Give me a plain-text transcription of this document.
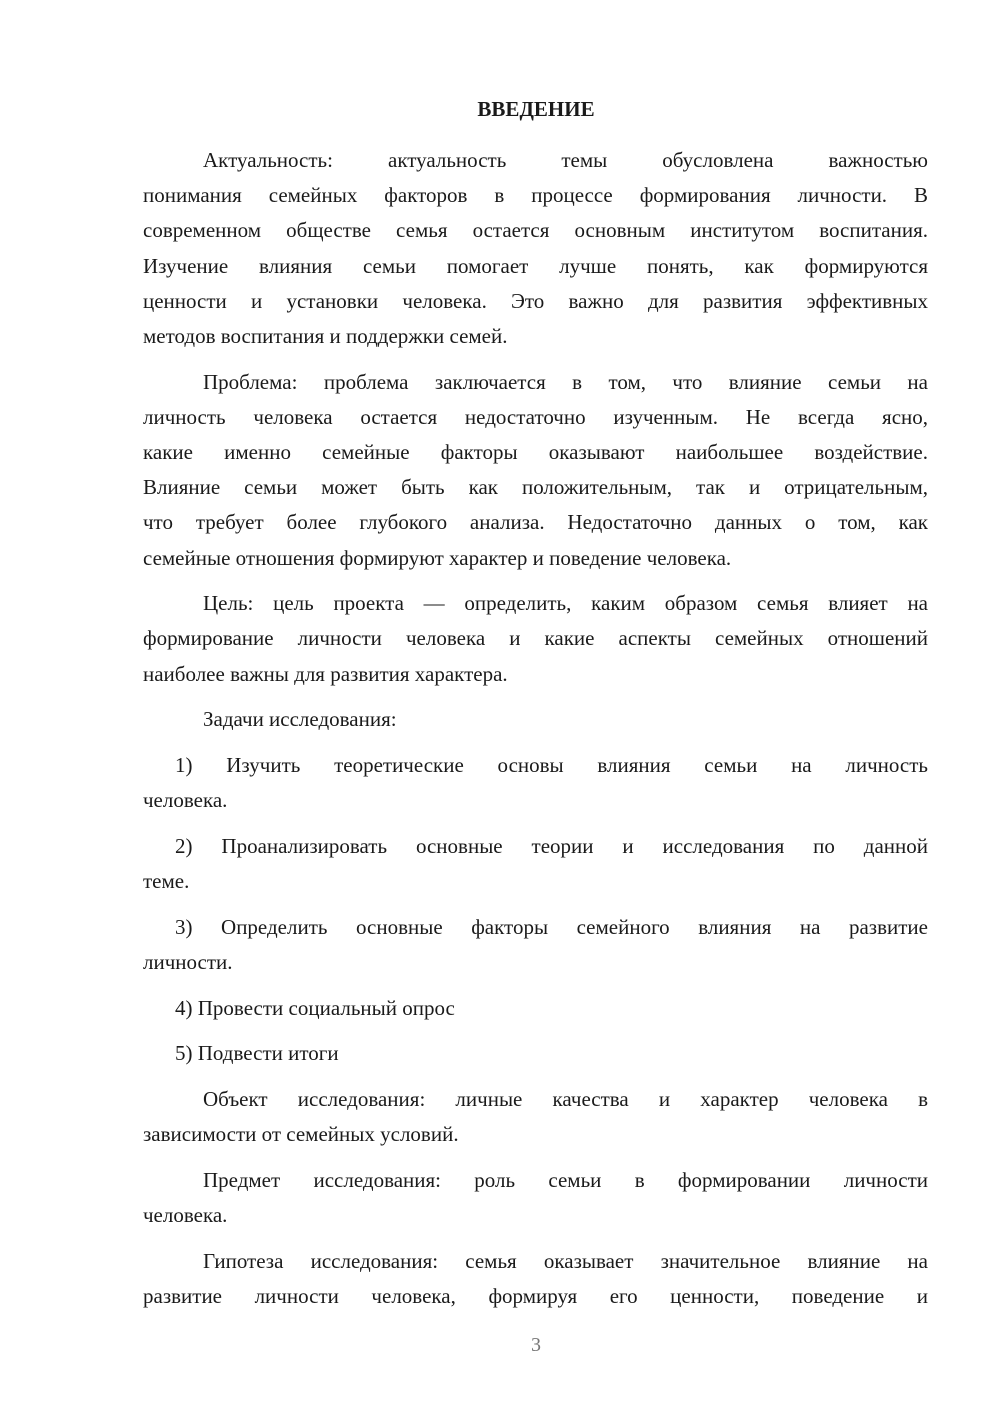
ВВЕДЕНИЕ
Актуальность: актуальность темы обусловлена важностью
понимания семейных факторов в процессе формирования личности. В
современном обществе семья остается основным институтом воспитания.
Изучение влияния семьи помогает лучше понять, как формируются
ценности и установки человека. Это важно для развития эффективных
методов воспитания и поддержки семей.
Проблема: проблема заключается в том, что влияние семьи на
личность человека остается недостаточно изученным. Не всегда ясно,
какие именно семейные факторы оказывают наибольшее воздействие.
Влияние семьи может быть как положительным, так и отрицательным,
что требует более глубокого анализа. Недостаточно данных о том, как
семейные отношения формируют характер и поведение человека.
Цель: цель проекта — определить, каким образом семья влияет на
формирование личности человека и какие аспекты семейных отношений
наиболее важны для развития характера.
Задачи исследования:
1) Изучить теоретические основы влияния семьи на личность
человека.
2) Проанализировать основные теории и исследования по данной
теме.
3) Определить основные факторы семейного влияния на развитие
личности.
4) Провести социальный опрос
5) Подвести итоги
Объект исследования: личные качества и характер человека в
зависимости от семейных условий.
Предмет исследования: роль семьи в формировании личности
человека.
Гипотеза исследования: семья оказывает значительное влияние на
развитие личности человека, формируя его ценности, поведение и
3
